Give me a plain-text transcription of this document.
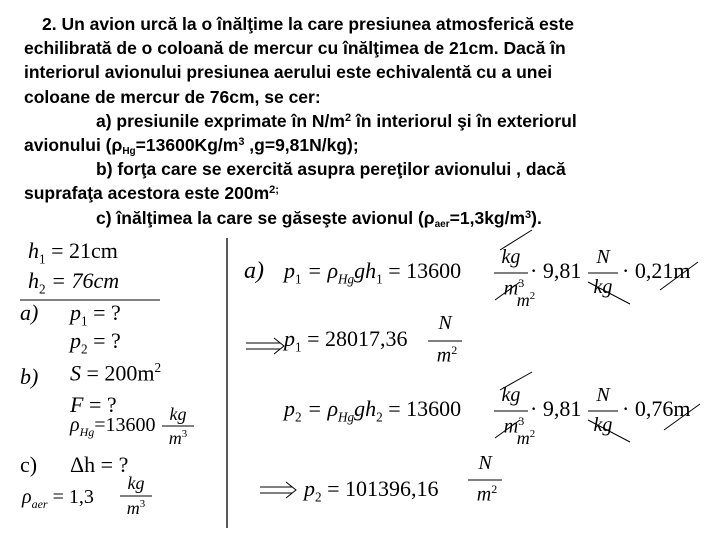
2. Un avion urcă la o înălţime la care presiunea atmosferică este

echilibrată de o coloană de mercur cu înălţimea de 21cm. Dacă în

interiorul avionului presiunea aerului este echivalentă cu a unei

coloane de mercur de 76cm, se cer:

a) presiunile exprimate în $N/m^2$ în interiorul şi în exteriorul

avionului ($\rho_{Hg}=13600Kg/m^3$ ,g=9,81N/kg);

b) forţa care se exercită asupra pereţilor avionului , dacă

suprafaţa acestora este $200m^{2;}$

c) înălţimea la care se găseşte avionul $(\rho_{aer}=1,3kg/m^3)$.

$h_1 = 21cm$
$h_2 = 76cm$
a) $p_1$ = ?
$p_2$ = ?
b) $S = 200m^2$
F = ?
$\rho_{Hg}=13600$ kg
$m^3$
c) Δh = ?
$\rho_{aer} = 1,3$
kg
$m^3$
a) $p_1 = \rho_{Hg}gh_1 = 13600$
kg
$m^3$
$m^2$
· 9,81
N
kg
· 0,21m
$p_1 = 28017,36$
N
$m^2$
$p_2 = \rho_{Hg}gh_2 = 13600$
kg
$m^3$
$m^2$
· 9,81
N
kg
· 0,76m
$p_2 = 101396,16$
N
$m^2$
